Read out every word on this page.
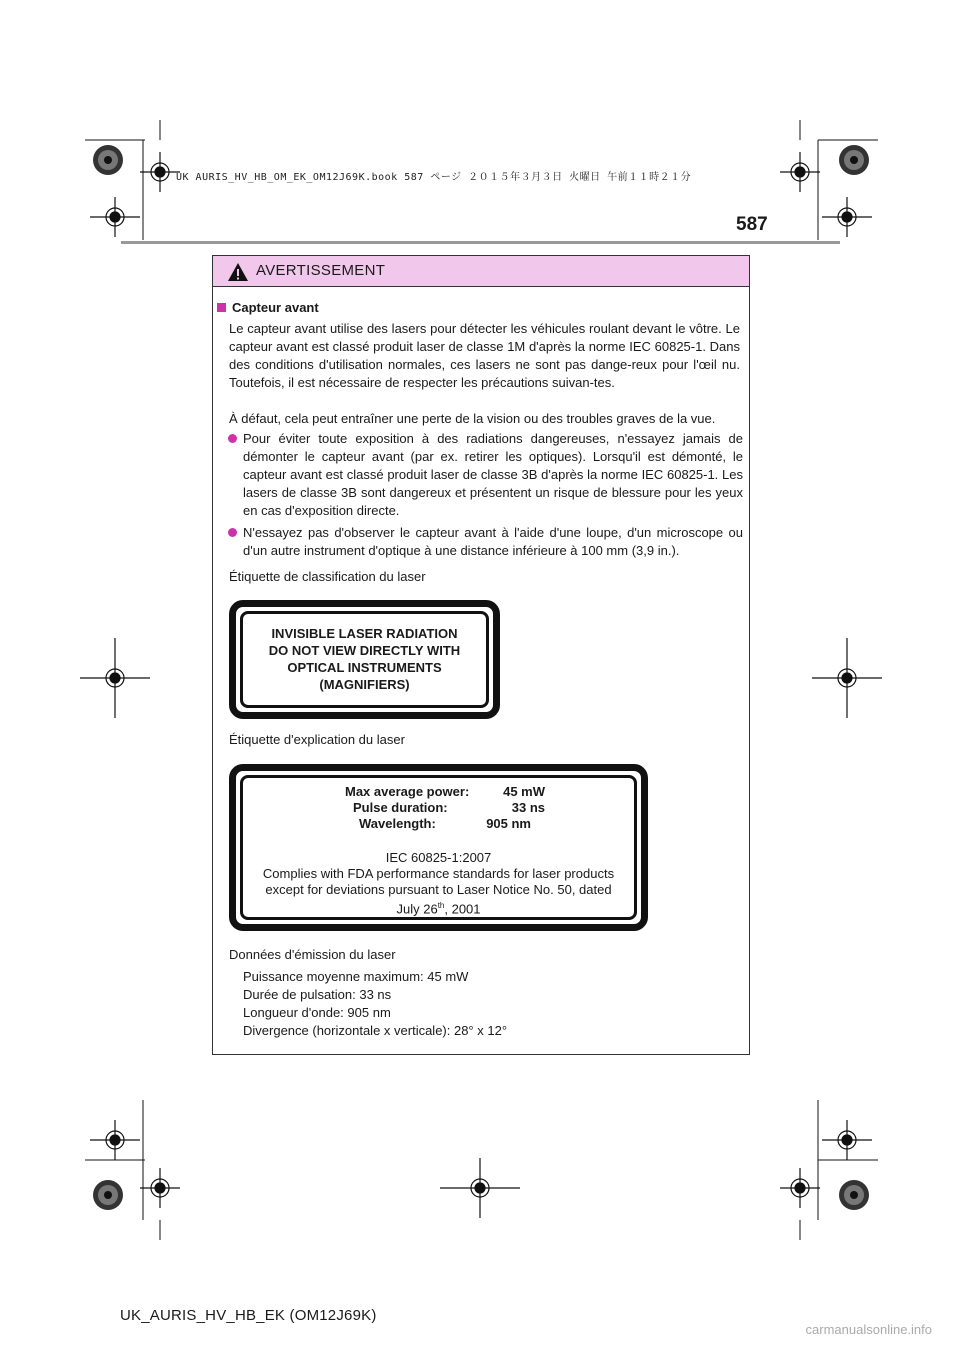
UK AURIS_HV_HB_OM_EK_OM12J69K.book 587 ページ ２０１５年３月３日 火曜日 午前１１時２１分
587
AVERTISSEMENT
Capteur avant
Le capteur avant utilise des lasers pour détecter les véhicules roulant devant le vôtre. Le capteur avant est classé produit laser de classe 1M d'après la norme IEC 60825-1. Dans des conditions d'utilisation normales, ces lasers ne sont pas dange-reux pour l'œil nu. Toutefois, il est nécessaire de respecter les précautions suivan-tes.
À défaut, cela peut entraîner une perte de la vision ou des troubles graves de la vue.
Pour éviter toute exposition à des radiations dangereuses, n'essayez jamais de démonter le capteur avant (par ex. retirer les optiques). Lorsqu'il est démonté, le capteur avant est classé produit laser de classe 3B d'après la norme IEC 60825-1. Les lasers de classe 3B sont dangereux et présentent un risque de blessure pour les yeux en cas d'exposition directe.
N'essayez pas d'observer le capteur avant à l'aide d'une loupe, d'un microscope ou d'un autre instrument d'optique à une distance inférieure à 100 mm (3,9 in.).
Étiquette de classification du laser
INVISIBLE LASER RADIATION
DO NOT VIEW DIRECTLY WITH
OPTICAL INSTRUMENTS
(MAGNIFIERS)
Étiquette d'explication du laser
Max average power:	45 mW
Pulse duration:	33 ns
Wavelength:	905 nm
IEC 60825-1:2007
Complies with FDA performance standards for laser products
except for deviations pursuant to Laser Notice No. 50, dated
July 26th, 2001
Données d'émission du laser
Puissance moyenne maximum: 45 mW
Durée de pulsation: 33 ns
Longueur d'onde: 905 nm
Divergence (horizontale x verticale): 28° x 12°
UK_AURIS_HV_HB_EK (OM12J69K)
carmanualsonline.info
